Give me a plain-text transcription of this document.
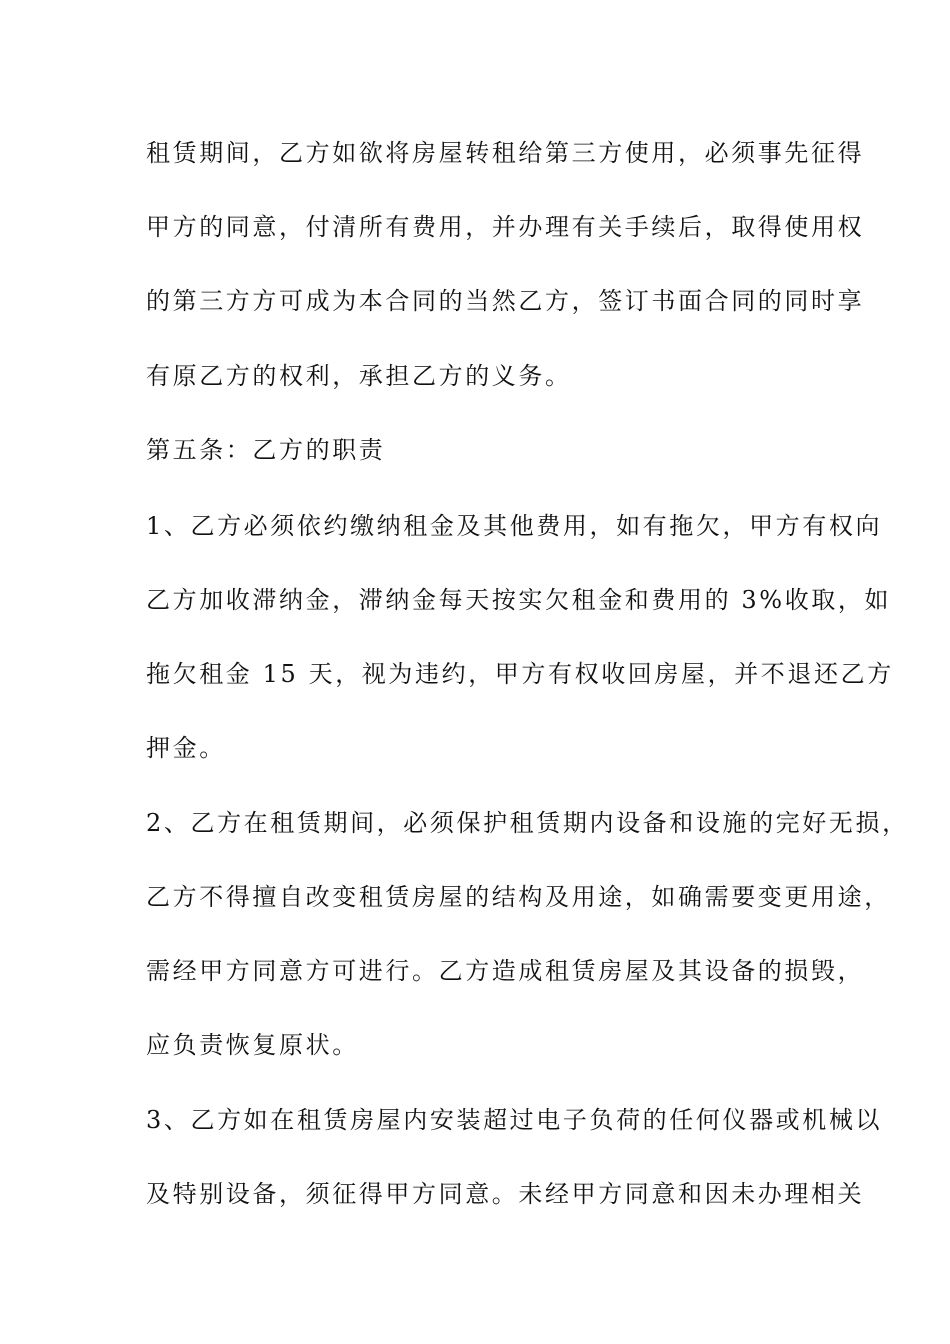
租赁期间，乙方如欲将房屋转租给第三方使用，必须事先征得
甲方的同意，付清所有费用，并办理有关手续后，取得使用权
的第三方方可成为本合同的当然乙方，签订书面合同的同时享
有原乙方的权利，承担乙方的义务。
第五条：乙方的职责
1、乙方必须依约缴纳租金及其他费用，如有拖欠，甲方有权向
乙方加收滞纳金，滞纳金每天按实欠租金和费用的 3%收取，如
拖欠租金 15 天，视为违约，甲方有权收回房屋，并不退还乙方
押金。
2、乙方在租赁期间，必须保护租赁期内设备和设施的完好无损，
乙方不得擅自改变租赁房屋的结构及用途，如确需要变更用途，
需经甲方同意方可进行。乙方造成租赁房屋及其设备的损毁，
应负责恢复原状。
3、乙方如在租赁房屋内安装超过电子负荷的任何仪器或机械以
及特别设备，须征得甲方同意。未经甲方同意和因未办理相关
